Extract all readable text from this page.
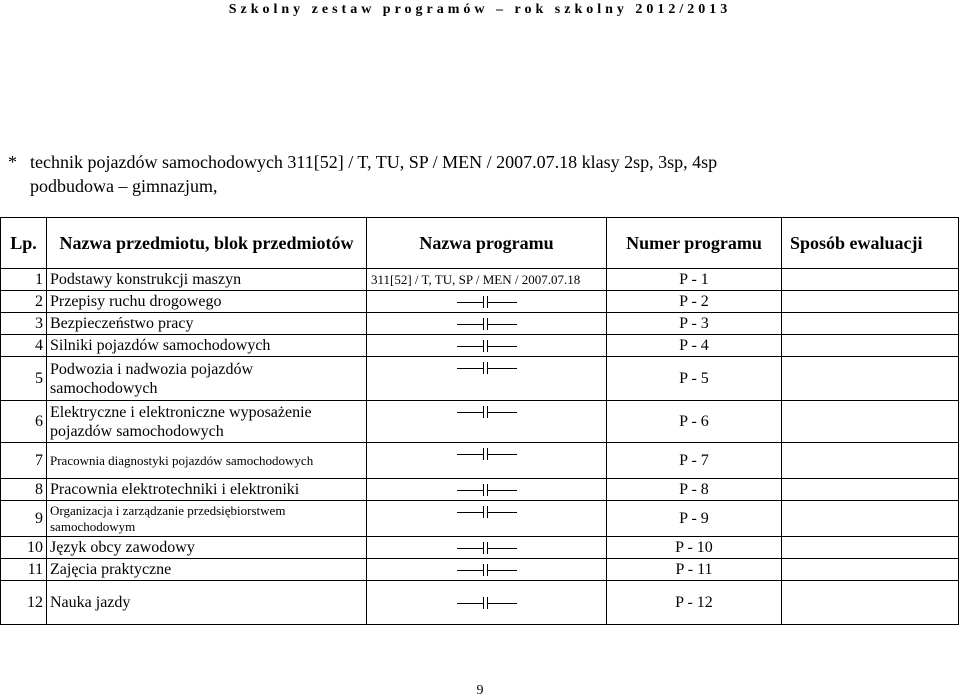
Szkolny zestaw programów – rok szkolny 2012/2013
* technik pojazdów samochodowych 311[52] / T, TU, SP / MEN / 2007.07.18 klasy 2sp, 3sp, 4sp
podbudowa – gimnazjum,
Lp.	Nazwa przedmiotu, blok przedmiotów	Nazwa programu	Numer programu	Sposób ewaluacji
1	Podstawy konstrukcji maszyn	311[52] / T, TU, SP / MEN / 2007.07.18	P - 1	
2	Przepisy ruchu drogowego		P - 2	
3	Bezpieczeństwo pracy		P - 3	
4	Silniki pojazdów samochodowych		P - 4	
5	Podwozia i nadwozia pojazdów samochodowych		P - 5	
6	Elektryczne i elektroniczne wyposażenie pojazdów samochodowych		P - 6	
7	Pracownia diagnostyki pojazdów samochodowych		P - 7	
8	Pracownia elektrotechniki i elektroniki		P - 8	
9	Organizacja i zarządzanie przedsiębiorstwem samochodowym		P - 9	
10	Język obcy zawodowy		P - 10	
11	Zajęcia praktyczne		P - 11	
12	Nauka jazdy		P - 12	
9
